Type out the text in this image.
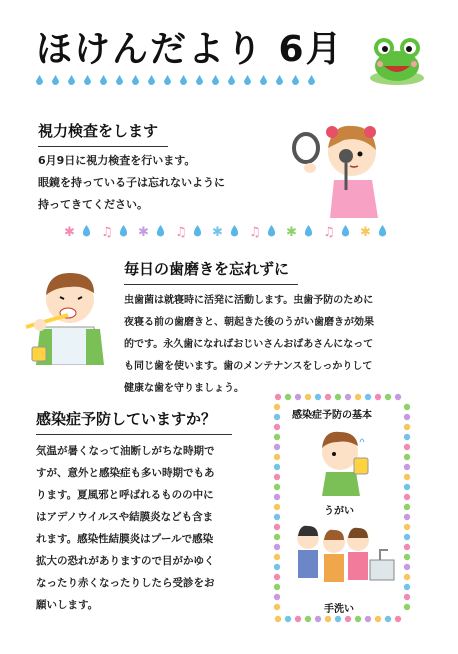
ほけんだより 6月
視力検査をします
6月9日に視力検査を行います。
眼鏡を持っている子は忘れないように
持ってきてください。
✱ ♫ ✱ ♫ ✱ ♫ ✱ ♫ ✱
毎日の歯磨きを忘れずに
虫歯菌は就寝時に活発に活動します。虫歯予防のために
夜寝る前の歯磨きと、朝起きた後のうがい歯磨きが効果
的です。永久歯になればおじいさんおばあさんになって
も同じ歯を使います。歯のメンテナンスをしっかりして
健康な歯を守りましょう。
感染症予防していますか？
気温が暑くなって油断しがちな時期で
すが、意外と感染症も多い時期でもあ
ります。夏風邪と呼ばれるものの中に
はアデノウイルスや結膜炎なども含ま
れます。感染性結膜炎はプールで感染
拡大の恐れがありますので目がかゆく
なったり赤くなったりしたら受診をお
願いします。
感染症予防の基本
うがい
手洗い
